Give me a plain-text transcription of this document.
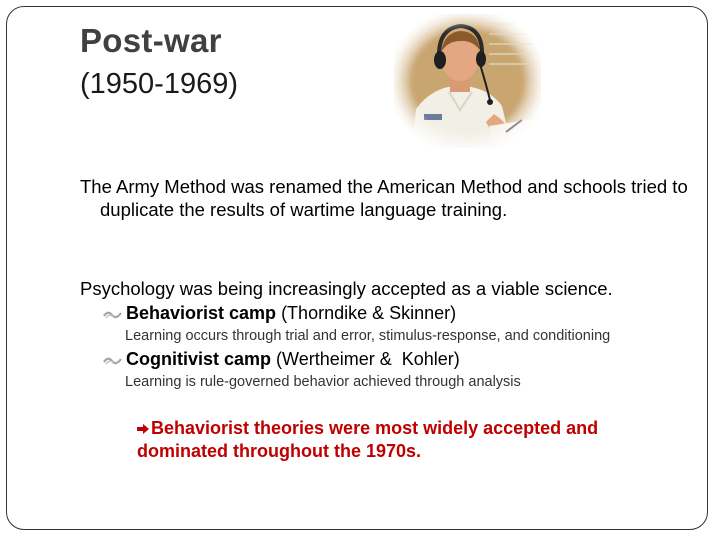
Post-war
(1950-1969)
The Army Method was renamed the American Method and schools tried to duplicate the results of wartime language training.
Psychology was being increasingly accepted as a viable science.
Behaviorist camp (Thorndike & Skinner)
Learning occurs through trial and error, stimulus-response, and conditioning
Cognitivist camp (Wertheimer &  Kohler)
Learning is rule-governed behavior achieved through analysis
Behaviorist theories were most widely accepted and dominated throughout the 1970s.
